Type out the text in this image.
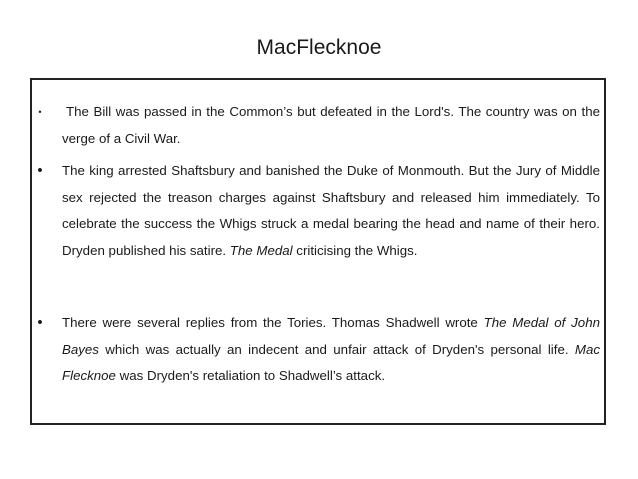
MacFlecknoe
•	The Bill was passed in the Common’s but defeated in the Lord's. The country was on the verge of a Civil War.
•	The king arrested Shaftsbury and banished the Duke of Monmouth. But the Jury of Middle sex rejected the treason charges against Shaftsbury and released him immediately. To celebrate the success the Whigs struck a medal bearing the head and name of their hero. Dryden published his satire. The Medal criticising the Whigs.
•	There were several replies from the Tories. Thomas Shadwell wrote The Medal of John Bayes which was actually an indecent and unfair attack of Dryden's personal life. Mac Flecknoe was Dryden's retaliation to Shadwell’s attack.
